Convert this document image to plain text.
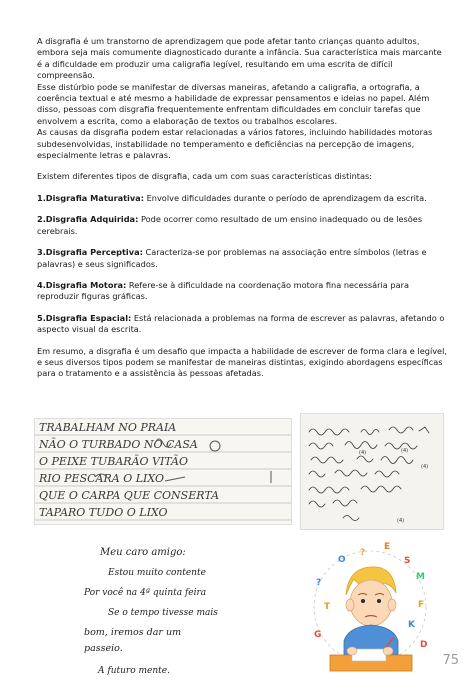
A disgrafia é um transtorno de aprendizagem que pode afetar tanto crianças quanto adultos, embora seja mais comumente diagnosticado durante a infância. Sua característica mais marcante é a dificuldade em produzir uma caligrafia legível, resultando em uma escrita de difícil compreensão.

Esse distúrbio pode se manifestar de diversas maneiras, afetando a caligrafia, a ortografia, a coerência textual e até mesmo a habilidade de expressar pensamentos e ideias no papel. Além disso, pessoas com disgrafia frequentemente enfrentam dificuldades em concluir tarefas que envolvem a escrita, como a elaboração de textos ou trabalhos escolares.

As causas da disgrafia podem estar relacionadas a vários fatores, incluindo habilidades motoras subdesenvolvidas, instabilidade no temperamento e deficiências na percepção de imagens, especialmente letras e palavras.

Existem diferentes tipos de disgrafia, cada um com suas características distintas:

1.Disgrafia Maturativa: Envolve dificuldades durante o período de aprendizagem da escrita.

2.Disgrafia Adquirida: Pode ocorrer como resultado de um ensino inadequado ou de lesões cerebrais.

3.Disgrafia Perceptiva: Caracteriza-se por problemas na associação entre símbolos (letras e palavras) e seus significados.

4.Disgrafia Motora: Refere-se à dificuldade na coordenação motora fina necessária para reproduzir figuras gráficas.

5.Disgrafia Espacial: Está relacionada a problemas na forma de escrever as palavras, afetando o aspecto visual da escrita.

Em resumo, a disgrafia é um desafio que impacta a habilidade de escrever de forma clara e legível, e seus diversos tipos podem se manifestar de maneiras distintas, exigindo abordagens específicas para o tratamento e a assistência às pessoas afetadas.

TRABALHAM NO PRAIA
NÃO O TURBADO NO CASA
O PEIXE TUBARÃO VITÃO
RIO PESCARA O LIXO
QUE O CARPA QUE CONSERTA
TAPARO TUDO O LIXO
(4)	(4)
(4)
(4)
Meu caro amigo:
Estou muito contente
Por você na 4ª quinta feira
Se o tempo tivesse mais
bom, iremos dar um
passeio.
A futuro mente.
O
?
E
S
?
M
T	F
K
G
D
75
